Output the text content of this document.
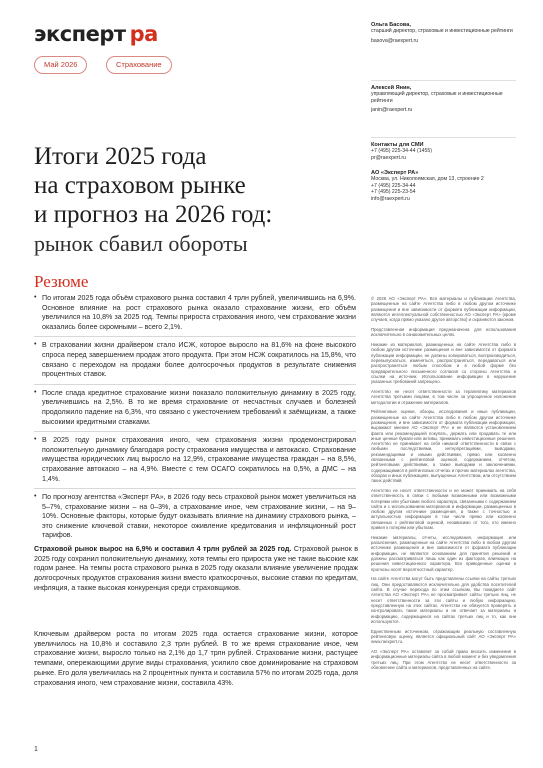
эксперт ра
Май 2026	Страхование
Итоги 2025 года
на страховом рынке
и прогноз на 2026 год:
рынок сбавил обороты
Резюме
• По итогам 2025 года объём страхового рынка составил 4 трлн рублей, увеличившись на 6,9%. Основное влияние на рост страхового рынка оказало страхование жизни, его объём увеличился на 10,8% за 2025 год. Темпы прироста страхования иного, чем страхование жизни оказались более скромными – всего 2,1%.
• В страховании жизни драйвером стало ИСЖ, которое выросло на 81,6% на фоне высокого спроса перед завершением продаж этого продукта. При этом НСЖ сократилось на 15,8%, что связано с переходом на продажи более долгосрочных продуктов в результате снижения процентных ставок.
• После спада кредитное страхование жизни показало положительную динамику в 2025 году, увеличившись на 2,5%. В то же время страхование от несчастных случаев и болезней продолжило падение на 6,3%, что связано с ужесточением требований к заёмщикам, а также высокими кредитными ставками.
• В 2025 году рынок страхования иного, чем страхования жизни продемонстрировал положительную динамику благодаря росту страхования имущества и автокаско. Страхование имущества юридических лиц выросло на 12,9%, страхование имущества граждан – на 8,5%, страхование автокаско – на 4,9%. Вместе с тем ОСАГО сократилось на 0,5%, а ДМС – на 1,4%.
• По прогнозу агентства «Эксперт РА», в 2026 году весь страховой рынок может увеличиться на 5–7%, страхование жизни – на 0–3%, а страхование иное, чем страхование жизни, – на 9–10%. Основные факторы, которые будут оказывать влияние на динамику страхового рынка, – это снижение ключевой ставки, некоторое оживление кредитования и инфляционный рост тарифов.

Страховой рынок вырос на 6,9% и составил 4 трлн рублей за 2025 год. Страховой рынок в 2025 году сохранил положительную динамику, хотя темпы его прироста уже не такие высокие как годом ранее. На темпы роста страхового рынка в 2025 году оказали влияние увеличение продаж долгосрочных продуктов страхования жизни вместо краткосрочных, высокие ставки по кредитам, инфляция, а также высокая конкуренция среди страховщиков.

Ключевым драйвером роста по итогам 2025 года остается страхование жизни, которое увеличилось на 10,8% и составило 2,3 трлн рублей. В то же время страхование иное, чем страхование жизни, выросло только на 2,1% до 1,7 трлн рублей. Страхование жизни, растущее темпами, опережающими другие виды страхования, усилило свое доминирование на страховом рынке. Его доля увеличилась на 2 процентных пункта и составила 57% по итогам 2025 года, доля страхования иного, чем страхование жизни, составила 43%.

1
Ольга Басова,
старший директор, страховые и инвестиционные рейтинги
basova@raexpert.ru
Алексей Янин,
управляющий директор, страховые и инвестиционные рейтинги
janin@raexpert.ru
Контакты для СМИ
+7 (495) 225-34-44 (1455)
pr@raexpert.ru
АО «Эксперт РА»
Москва, ул. Николоямская, дом 13, строение 2
+7 (495) 225-34-44
+7 (495) 225-23-54
info@raexpert.ru

© 2026 АО «Эксперт РА». Вся материалы и публикации Агентства, размещенные на сайте Агентства либо в любом другом источнике размещения и вне зависимости от формата публикации информации, являются интеллектуальной собственностью АО «Эксперт РА» (кроме случаев, когда прямо указано другое авторство) и охраняются законом.

Представленная информация предназначена для использования исключительно в ознакомительных целях.

Никакие из материалов, размещенных на сайте Агентства либо в любом другом источнике размещения и вне зависимости от формата публикации информации, не должны копироваться, воспроизводиться, перевыпускаться, изменяться, распространяться, передаваться или распространяться любым способом и в любой форме без предварительного письменного согласия со стороны Агентства и ссылки на источник. Использование информации в нарушение указанных требований запрещено.

Агентство не несет ответственности за терапевтику материалов Агентства третьими лицами, в том числе за упрощенное изложение методологии и отражение материалов.

Рейтинговые оценки, обзоры, исследования и иные публикации, размещенные на сайте Агентства либо в любом другом источнике размещения, и вне зависимости от формата публикации информации, выражают мнение АО «Эксперт РА» и не являются установлением факта или рекомендацией покупать, держать или продавать те или иные ценные бумаги или активы, принимать инвестиционные решения. Агентство не принимает на себя никакой ответственности в связи с любыми последствиями, интерпретациями, выводами, рекомендациями и иными действиями, прямо или косвенно связанными с рейтинговой оценкой, содержанием, отчётом, рейтинговыми действиями, а также выводами и заключениями, содержащимися в рейтинговых отчетах и прочих материалах агентства, обзорах и иных публикациях, выпущенных Агентством, или отсутствием таких действий.

Агентство не несет ответственности и не может принимать на себя ответственность в связи с любыми возможными или возможными потерями или убытками любого характера, связанными с содержанием сайта и с использованием материалов и информации, размещенных в любом другом источнике размещения, а также с точностью и актуальностью информации в том числе прямо или косвенно связанных с рейтинговой оценкой, независимо от того, кто именно привел к потерям или убыткам.

Никакие материалы, отчеты, исследования, информация или разъяснения, размещенные на сайте Агентства либо в любом другом источнике размещения и вне зависимости от формата публикации информации, не являются основанием для принятия решений и должны рассматриваться лишь как один из факторов, влияющих на решения инвестиционного характера. Все приведенные оценки и прогнозы носят вероятностный характер.

На сайте Агентства могут быть представлены ссылки на сайты третьих лиц. Они предоставляются исключительно для удобства посетителей сайта. В случае перехода по этим ссылкам, Вы покидаете сайт Агентства АО «Эксперт РА» не просматривает сайты третьих лиц, не несет ответственности за эти сайты и любую информацию, представленную на этих сайтах. Агентство не обязуется проверять и контролировать такие материалы и не отвечает за материалы и информацию, содержащиеся на сайтах третьих лиц и то, как они используются.

Единственным источником, отражающим реальную составленную рейтинговую оценку, является официальный сайт АО «Эксперт РА» www.raexpert.ru.

АО «Эксперт РА» оставляет за собой право вносить изменения в информационные материалы сайта в любой момент и без уведомления третьих лиц. При этом Агентство не несет ответственности за обновление сайта и материалов, представленных на сайте.
